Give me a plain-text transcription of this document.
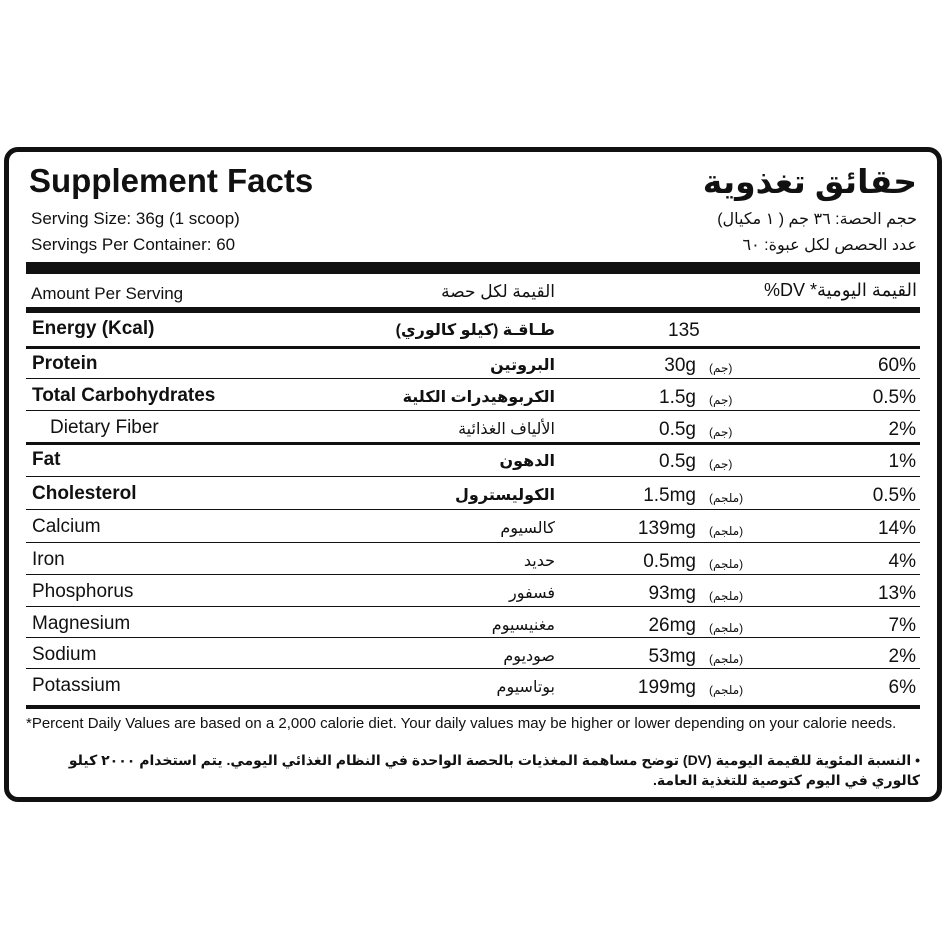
Supplement Facts	حقائق تغذوية
Serving Size: 36g (1 scoop)
Servings Per Container: 60
حجم الحصة: ٣٦ جم ( ١ مكيال)
عدد الحصص لكل عبوة: ٦٠
Amount Per Serving	القيمة لكل حصة	القيمة اليومية* DV%
Energy (Kcal)	طـاقـة (كيلو كالوري)	135
Protein	البروتين	30g (جم)	60%
Total Carbohydrates	الكربوهيدرات الكلية	1.5g (جم)	0.5%
Dietary Fiber	الألياف الغذائية	0.5g (جم)	2%
Fat	الدهون	0.5g (جم)	1%
Cholesterol	الكوليسترول	1.5mg (ملجم)	0.5%
Calcium	كالسيوم	139mg (ملجم)	14%
Iron	حديد	0.5mg (ملجم)	4%
Phosphorus	فسفور	93mg (ملجم)	13%
Magnesium	مغنيسيوم	26mg (ملجم)	7%
Sodium	صوديوم	53mg (ملجم)	2%
Potassium	بوتاسيوم	199mg (ملجم)	6%
*Percent Daily Values are based on a 2,000 calorie diet. Your daily values may be higher or lower depending on your calorie needs.
• النسبة المئوية للقيمة اليومية (DV) توضح مساهمة المغذيات بالحصة الواحدة في النظام الغذائي اليومي. يتم استخدام ٢٠٠٠ كيلو كالوري في اليوم كتوصية للتغذية العامة.
